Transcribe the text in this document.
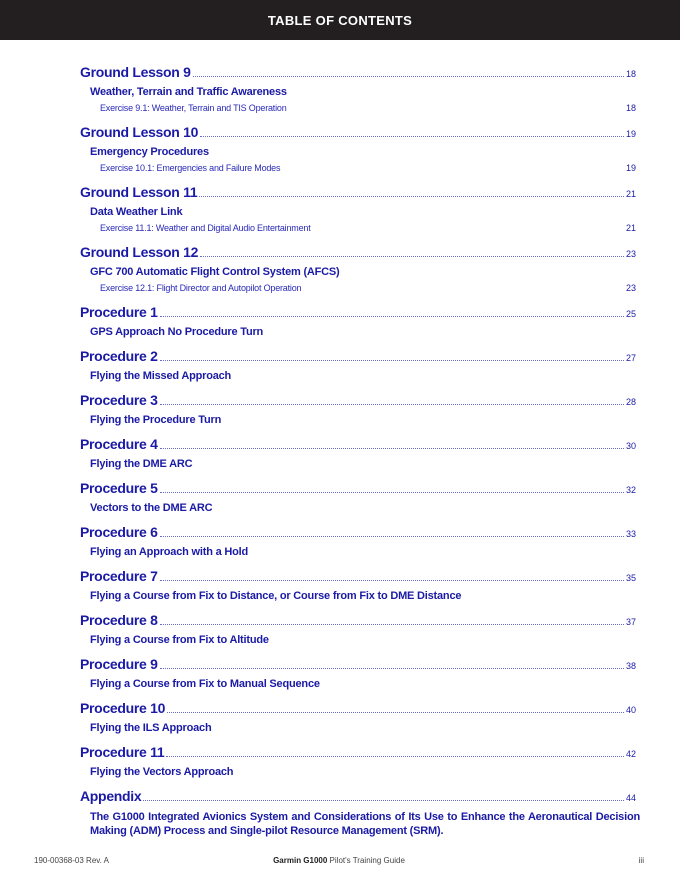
TABLE OF CONTENTS
Ground Lesson 9	18
Weather, Terrain and Traffic Awareness
Exercise 9.1: Weather, Terrain and TIS Operation	18
Ground Lesson 10	19
Emergency Procedures
Exercise 10.1: Emergencies and Failure Modes	19
Ground Lesson 11	21
Data Weather Link
Exercise 11.1: Weather and Digital Audio Entertainment	21
Ground Lesson 12	23
GFC 700 Automatic Flight Control System (AFCS)
Exercise 12.1: Flight Director and Autopilot Operation	23
Procedure 1	25
GPS Approach No Procedure Turn
Procedure 2	27
Flying the Missed Approach
Procedure 3	28
Flying the Procedure Turn
Procedure 4	30
Flying the DME ARC
Procedure 5	32
Vectors to the DME ARC
Procedure 6	33
Flying an Approach with a Hold
Procedure 7	35
Flying a Course from Fix to Distance, or Course from Fix to DME Distance
Procedure 8	37
Flying a Course from Fix to Altitude
Procedure 9	38
Flying a Course from Fix to Manual Sequence
Procedure 10	40
Flying the ILS Approach
Procedure 11	42
Flying the Vectors Approach
Appendix	44
The G1000 Integrated Avionics System and Considerations of Its Use to Enhance the Aeronautical Decision Making (ADM) Process and Single-pilot Resource Management (SRM).
190-00368-03 Rev. A	Garmin G1000 Pilot's Training Guide	iii
